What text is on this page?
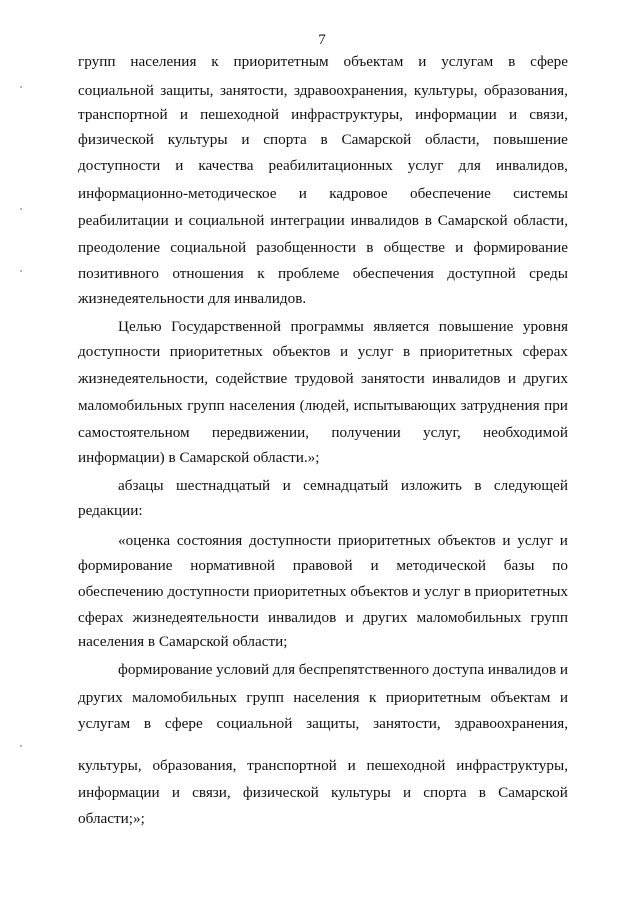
7
групп населения к приоритетным объектам и услугам в сфере
социальной защиты, занятости, здравоохранения, культуры, образования,
транспортной и пешеходной инфраструктуры, информации и связи,
физической культуры и спорта в Самарской области, повышение
доступности и качества реабилитационных услуг для инвалидов,
информационно-методическое и кадровое обеспечение системы
реабилитации и социальной интеграции инвалидов в Самарской области,
преодоление социальной разобщенности в обществе и формирование
позитивного отношения к проблеме обеспечения доступной среды
жизнедеятельности для инвалидов.
Целью Государственной программы является повышение уровня
доступности приоритетных объектов и услуг в приоритетных сферах
жизнедеятельности, содействие трудовой занятости инвалидов и других
маломобильных групп населения (людей, испытывающих затруднения при
самостоятельном передвижении, получении услуг, необходимой
информации) в Самарской области.»;
абзацы шестнадцатый и семнадцатый изложить в следующей
редакции:
«оценка состояния доступности приоритетных объектов и услуг и
формирование нормативной правовой и методической базы по
обеспечению доступности приоритетных объектов и услуг в приоритетных
сферах жизнедеятельности инвалидов и других маломобильных групп
населения в Самарской области;
формирование условий для беспрепятственного доступа инвалидов и
других маломобильных групп населения к приоритетным объектам и
услугам в сфере социальной защиты, занятости, здравоохранения,
культуры, образования, транспортной и пешеходной инфраструктуры,
информации и связи, физической культуры и спорта в Самарской
области;»;
